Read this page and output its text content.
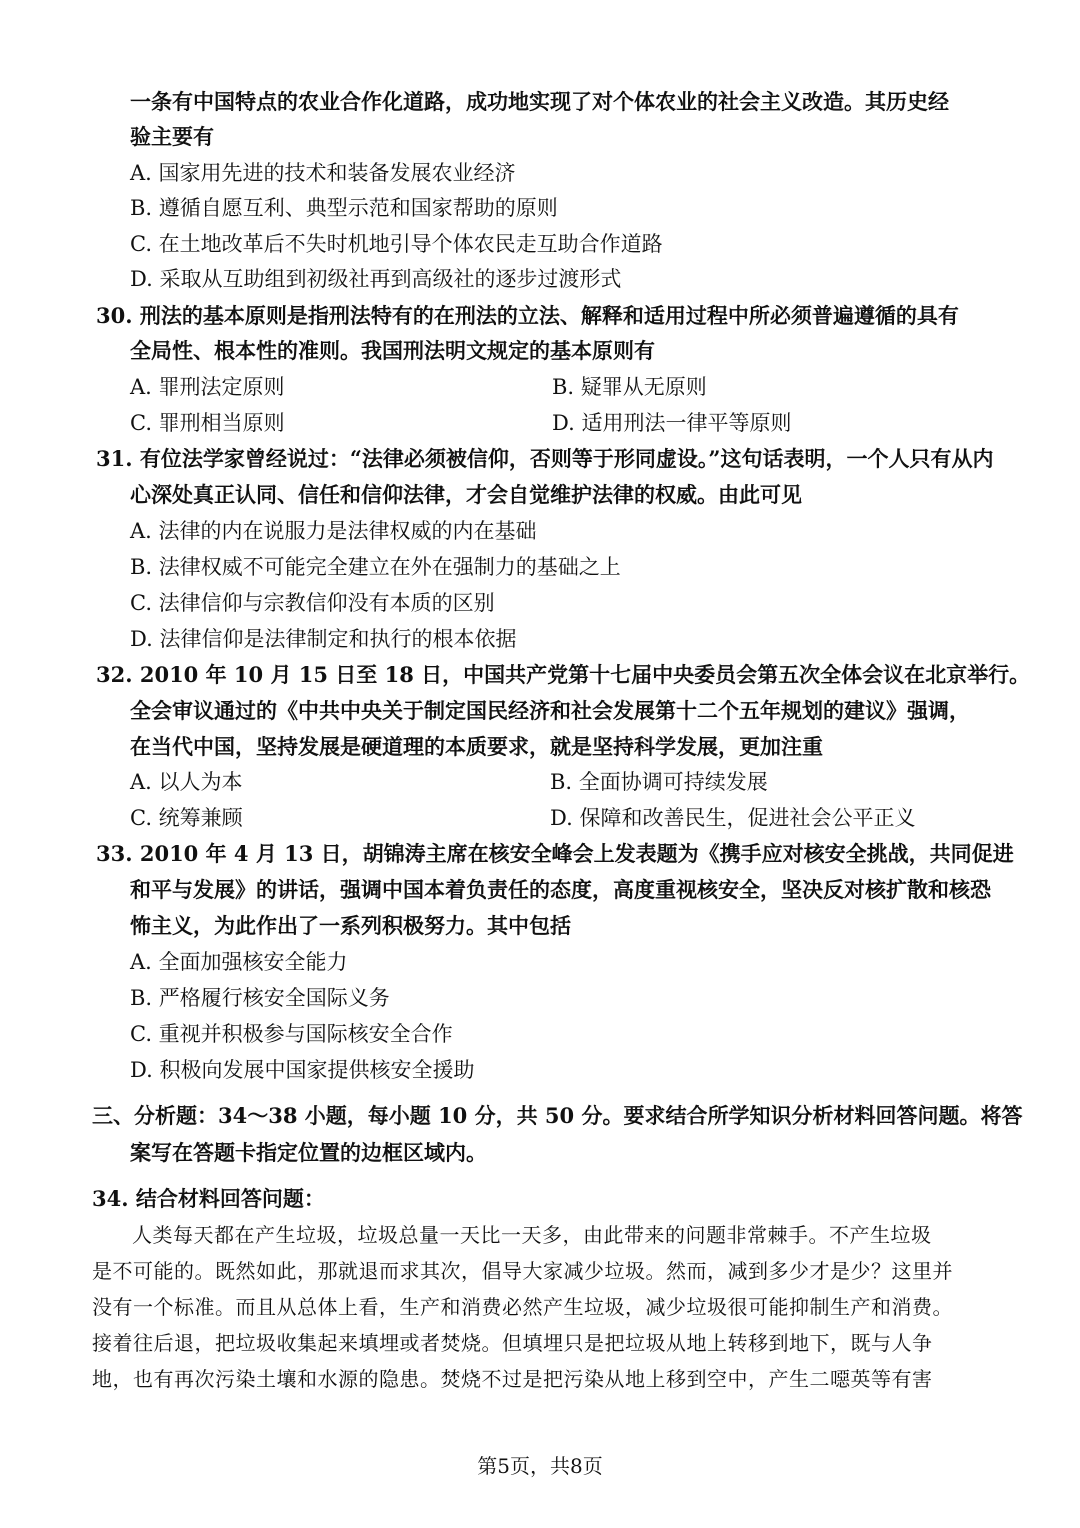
一条有中国特点的农业合作化道路，成功地实现了对个体农业的社会主义改造。其历史经
验主要有
A. 国家用先进的技术和装备发展农业经济
B. 遵循自愿互利、典型示范和国家帮助的原则
C. 在土地改革后不失时机地引导个体农民走互助合作道路
D. 采取从互助组到初级社再到高级社的逐步过渡形式
30. 刑法的基本原则是指刑法特有的在刑法的立法、解释和适用过程中所必须普遍遵循的具有
全局性、根本性的准则。我国刑法明文规定的基本原则有
A. 罪刑法定原则	B. 疑罪从无原则
C. 罪刑相当原则	D. 适用刑法一律平等原则
31. 有位法学家曾经说过：“法律必须被信仰，否则等于形同虚设。”这句话表明，一个人只有从内
心深处真正认同、信任和信仰法律，才会自觉维护法律的权威。由此可见
A. 法律的内在说服力是法律权威的内在基础
B. 法律权威不可能完全建立在外在强制力的基础之上
C. 法律信仰与宗教信仰没有本质的区别
D. 法律信仰是法律制定和执行的根本依据
32. 2010 年 10 月 15 日至 18 日，中国共产党第十七届中央委员会第五次全体会议在北京举行。
全会审议通过的《中共中央关于制定国民经济和社会发展第十二个五年规划的建议》强调，
在当代中国，坚持发展是硬道理的本质要求，就是坚持科学发展，更加注重
A. 以人为本	B. 全面协调可持续发展
C. 统筹兼顾	D. 保障和改善民生，促进社会公平正义
33. 2010 年 4 月 13 日，胡锦涛主席在核安全峰会上发表题为《携手应对核安全挑战，共同促进
和平与发展》的讲话，强调中国本着负责任的态度，高度重视核安全，坚决反对核扩散和核恐
怖主义，为此作出了一系列积极努力。其中包括
A. 全面加强核安全能力
B. 严格履行核安全国际义务
C. 重视并积极参与国际核安全合作
D. 积极向发展中国家提供核安全援助
三、分析题：34～38 小题，每小题 10 分，共 50 分。要求结合所学知识分析材料回答问题。将答
案写在答题卡指定位置的边框区域内。
34. 结合材料回答问题：
人类每天都在产生垃圾，垃圾总量一天比一天多，由此带来的问题非常棘手。不产生垃圾
是不可能的。既然如此，那就退而求其次，倡导大家减少垃圾。然而，减到多少才是少？这里并
没有一个标准。而且从总体上看，生产和消费必然产生垃圾，减少垃圾很可能抑制生产和消费。
接着往后退，把垃圾收集起来填埋或者焚烧。但填埋只是把垃圾从地上转移到地下，既与人争
地，也有再次污染土壤和水源的隐患。焚烧不过是把污染从地上移到空中，产生二噁英等有害
第5页，共8页
